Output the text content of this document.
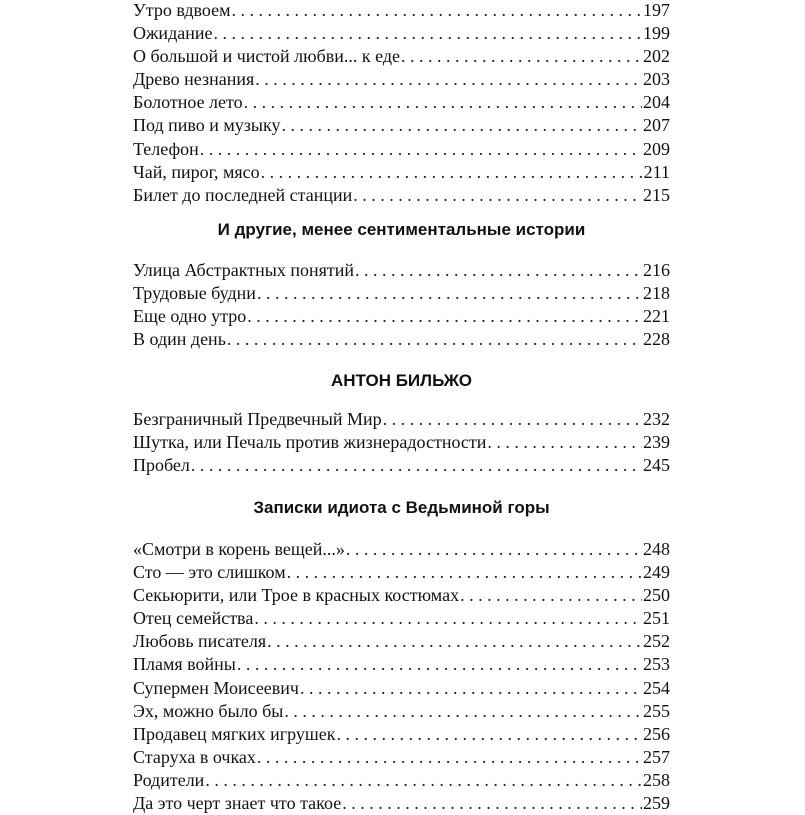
Утро вдвоем . . .	197
Ожидание . . .	199
О большой и чистой любви... к еде . . .	202
Древо незнания . . .	203
Болотное лето . . .	204
Под пиво и музыку . . .	207
Телефон . . .	209
Чай, пирог, мясо . . .	211
Билет до последней станции . . .	215
И другие, менее сентиментальные истории
Улица Абстрактных понятий . . .	216
Трудовые будни . . .	218
Еще одно утро . . .	221
В один день . . .	228
АНТОН БИЛЬЖО
Безграничный Предвечный Мир . . .	232
Шутка, или Печаль против жизнерадостности . . .	239
Пробел . . .	245
Записки идиота с Ведьминой горы
«Смотри в корень вещей...» . . .	248
Сто — это слишком . . .	249
Секьюрити, или Трое в красных костюмах . . .	250
Отец семейства . . .	251
Любовь писателя . . .	252
Пламя войны . . .	253
Супермен Моисеевич . . .	254
Эх, можно было бы . . .	255
Продавец мягких игрушек . . .	256
Старуха в очках . . .	257
Родители . . .	258
Да это черт знает что такое . . .	259
